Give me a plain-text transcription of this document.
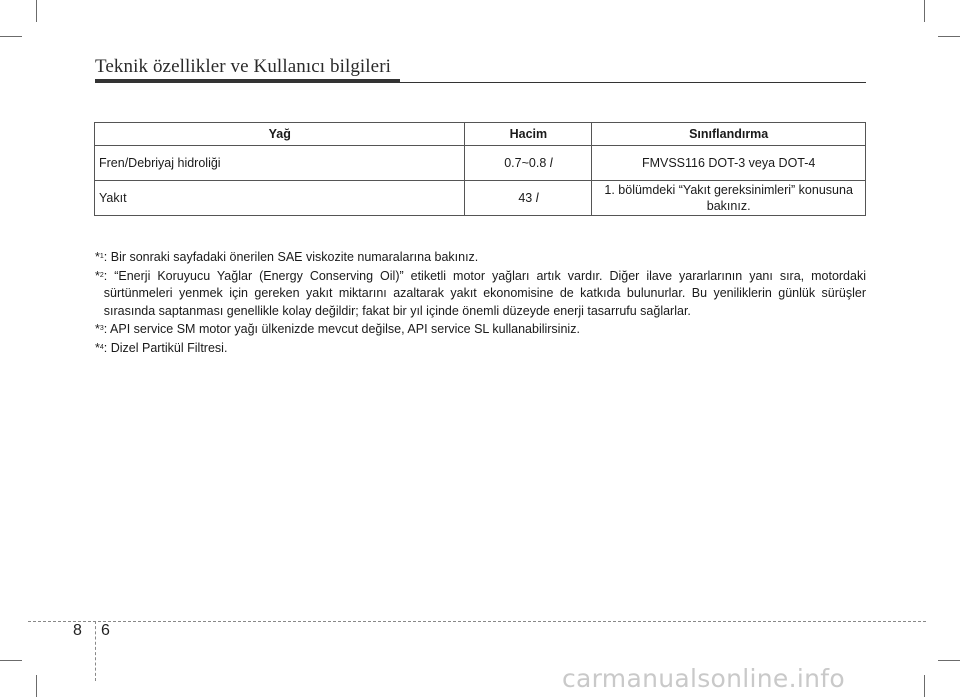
Teknik özellikler ve Kullanıcı bilgileri
Yağ	Hacim	Sınıflandırma
Fren/Debriyaj hidroliği	0.7~0.8 l	FMVSS116 DOT-3 veya DOT-4
Yakıt	43 l	1. bölümdeki “Yakıt gereksinimleri” konusuna bakınız.
*$^1$ : Bir sonraki sayfadaki önerilen SAE viskozite numaralarına bakınız.
*$^2$ : “Enerji Koruyucu Yağlar (Energy Conserving Oil)” etiketli motor yağları artık vardır. Diğer ilave yararlarının yanı sıra, motordaki sürtünmeleri yenmek için gereken yakıt miktarını azaltarak yakıt ekonomisine de katkıda bulunurlar. Bu yeniliklerin günlük sürüşler sırasında saptanması genellikle kolay değildir; fakat bir yıl içinde önemli düzeyde enerji tasarrufu sağlarlar.
*$^3$ : API service SM motor yağı ülkenizde mevcut değilse, API service SL kullanabilirsiniz.
*$^4$ : Dizel Partikül Filtresi.
8 6
carmanualsonline.info
